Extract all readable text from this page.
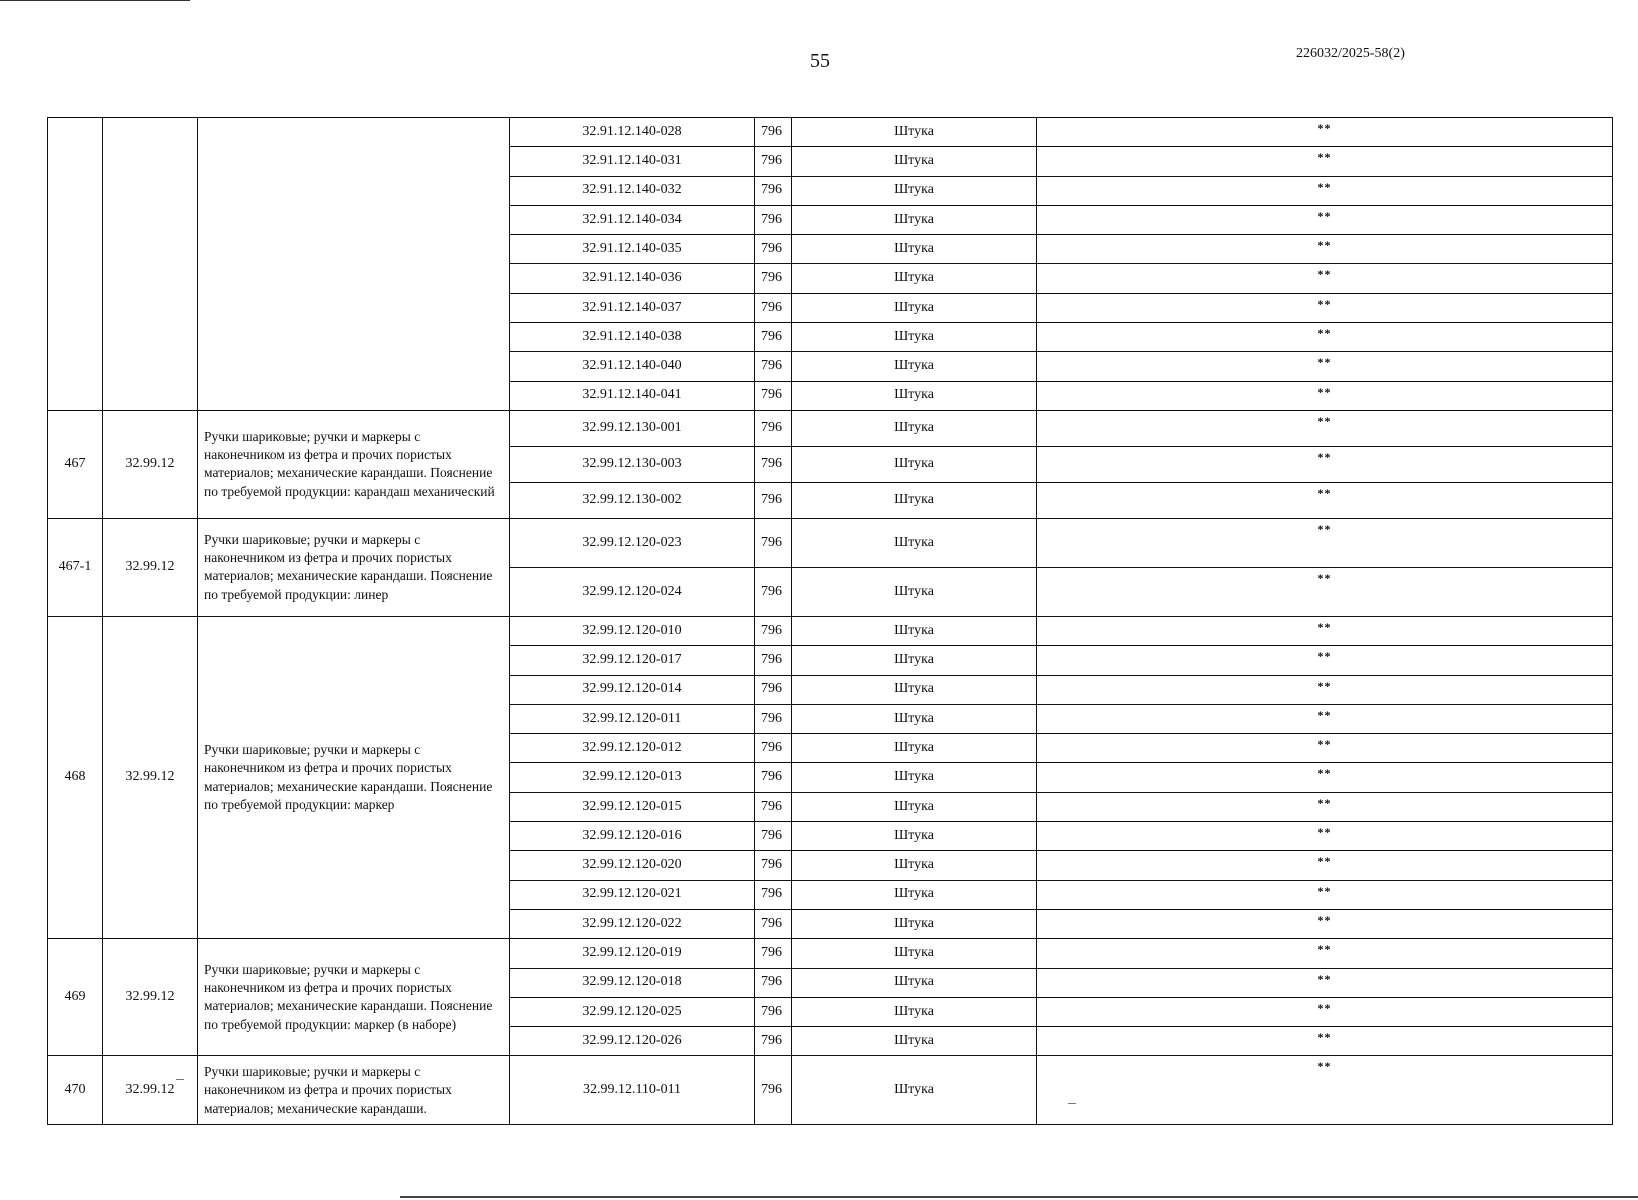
55	226032/2025-58(2)
			32.91.12.140-028	796	Штука	**
			32.91.12.140-031	796	Штука	**
			32.91.12.140-032	796	Штука	**
			32.91.12.140-034	796	Штука	**
			32.91.12.140-035	796	Штука	**
			32.91.12.140-036	796	Штука	**
			32.91.12.140-037	796	Штука	**
			32.91.12.140-038	796	Штука	**
			32.91.12.140-040	796	Штука	**
			32.91.12.140-041	796	Штука	**
467	32.99.12	Ручки шариковые; ручки и маркеры с наконечником из фетра и прочих пористых материалов; механические карандаши. Пояснение по требуемой продукции: карандаш механический	32.99.12.130-001	796	Штука	**
			32.99.12.130-003	796	Штука	**
			32.99.12.130-002	796	Штука	**
467-1	32.99.12	Ручки шариковые; ручки и маркеры с наконечником из фетра и прочих пористых материалов; механические карандаши. Пояснение по требуемой продукции: линер	32.99.12.120-023	796	Штука	**
			32.99.12.120-024	796	Штука	**
468	32.99.12	Ручки шариковые; ручки и маркеры с наконечником из фетра и прочих пористых материалов; механические карандаши. Пояснение по требуемой продукции: маркер	32.99.12.120-010	796	Штука	**
			32.99.12.120-017	796	Штука	**
			32.99.12.120-014	796	Штука	**
			32.99.12.120-011	796	Штука	**
			32.99.12.120-012	796	Штука	**
			32.99.12.120-013	796	Штука	**
			32.99.12.120-015	796	Штука	**
			32.99.12.120-016	796	Штука	**
			32.99.12.120-020	796	Штука	**
			32.99.12.120-021	796	Штука	**
			32.99.12.120-022	796	Штука	**
469	32.99.12	Ручки шариковые; ручки и маркеры с наконечником из фетра и прочих пористых материалов; механические карандаши. Пояснение по требуемой продукции: маркер (в наборе)	32.99.12.120-019	796	Штука	**
			32.99.12.120-018	796	Штука	**
			32.99.12.120-025	796	Штука	**
			32.99.12.120-026	796	Штука	**
470	32.99.12	Ручки шариковые; ручки и маркеры с наконечником из фетра и прочих пористых материалов; механические карандаши.	32.99.12.110-011	796	Штука	**
